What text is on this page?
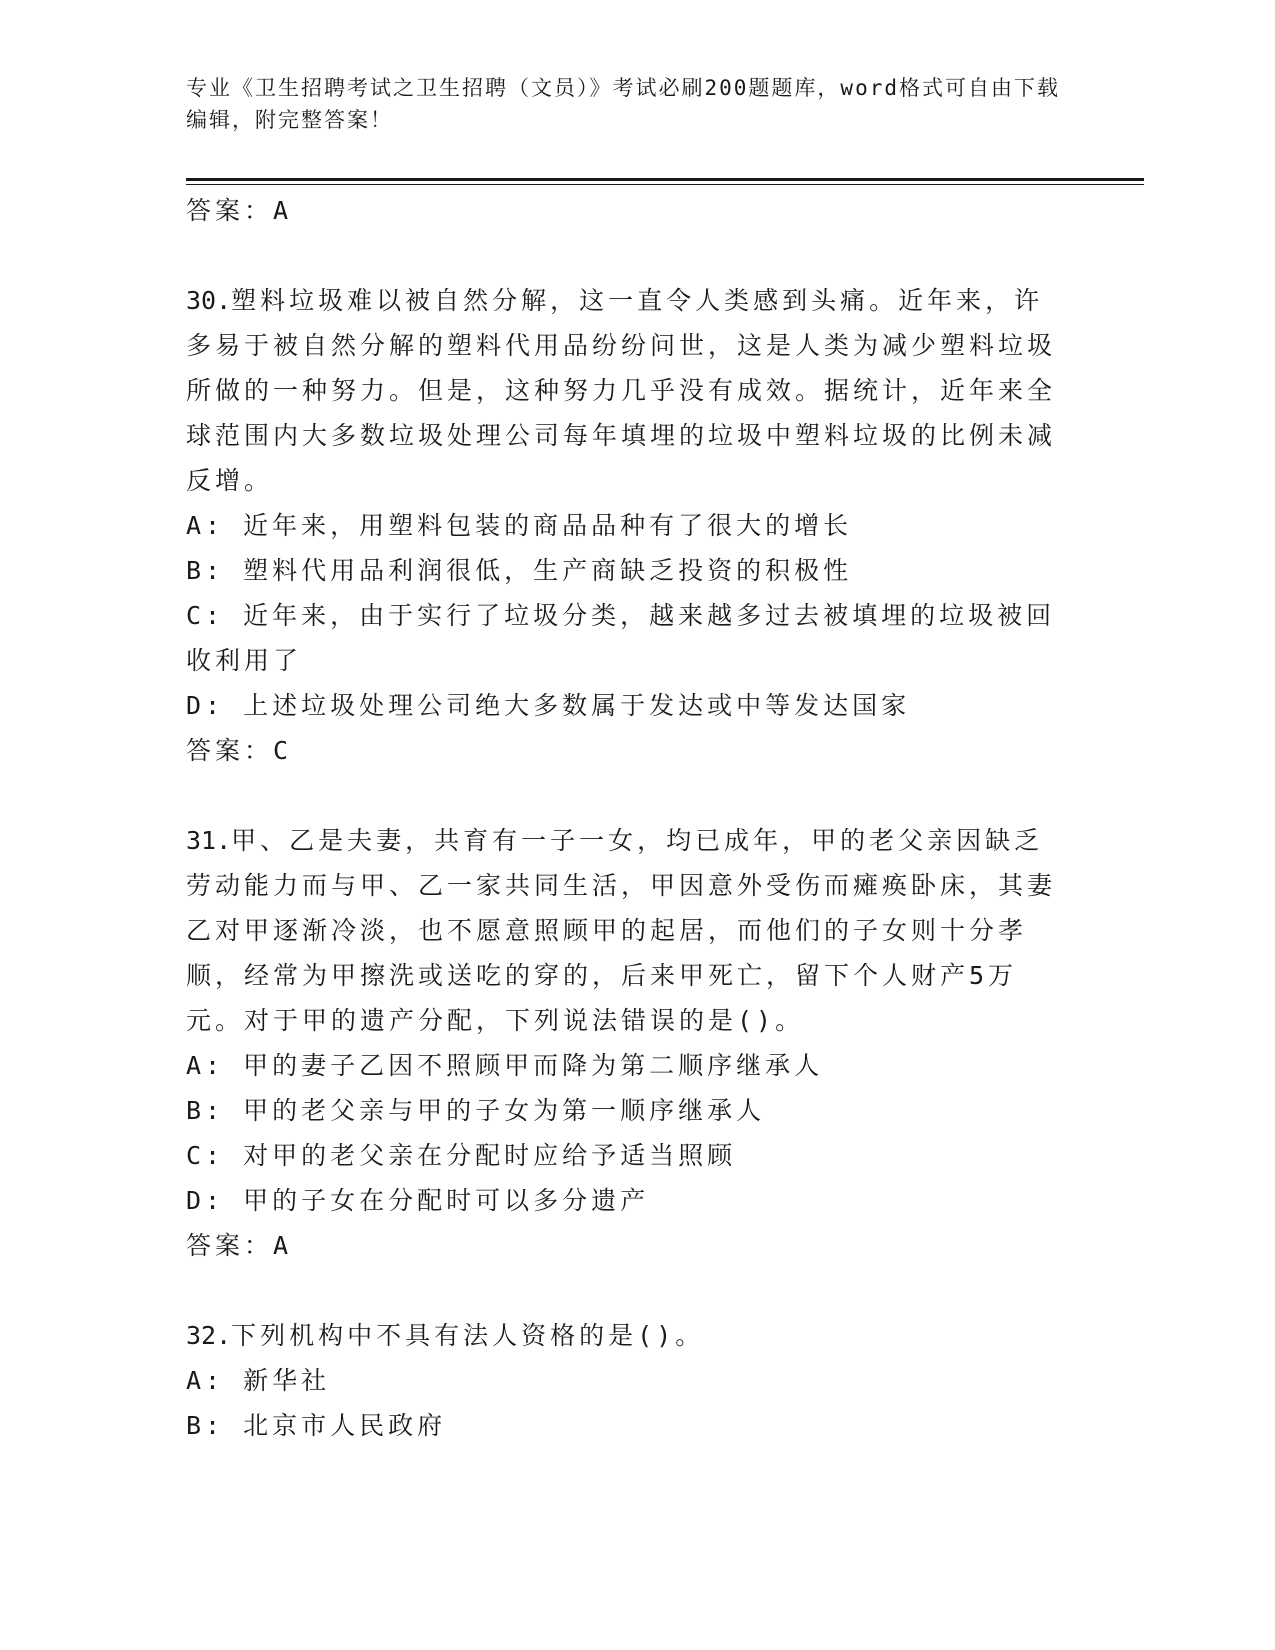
专业《卫生招聘考试之卫生招聘（文员）》考试必刷200题题库，word格式可自由下载编辑，附完整答案！

答案：A

30.塑料垃圾难以被自然分解，这一直令人类感到头痛。近年来，许多易于被自然分解的塑料代用品纷纷问世，这是人类为减少塑料垃圾所做的一种努力。但是，这种努力几乎没有成效。据统计，近年来全球范围内大多数垃圾处理公司每年填埋的垃圾中塑料垃圾的比例未减反增。

A: 近年来，用塑料包装的商品品种有了很大的增长

B: 塑料代用品利润很低，生产商缺乏投资的积极性

C: 近年来，由于实行了垃圾分类，越来越多过去被填埋的垃圾被回收利用了

D: 上述垃圾处理公司绝大多数属于发达或中等发达国家

答案：C

31.甲、乙是夫妻，共育有一子一女，均已成年，甲的老父亲因缺乏劳动能力而与甲、乙一家共同生活，甲因意外受伤而瘫痪卧床，其妻乙对甲逐渐冷淡，也不愿意照顾甲的起居，而他们的子女则十分孝顺，经常为甲擦洗或送吃的穿的，后来甲死亡，留下个人财产5万元。对于甲的遗产分配，下列说法错误的是()。

A: 甲的妻子乙因不照顾甲而降为第二顺序继承人

B: 甲的老父亲与甲的子女为第一顺序继承人

C: 对甲的老父亲在分配时应给予适当照顾

D: 甲的子女在分配时可以多分遗产

答案：A

32.下列机构中不具有法人资格的是()。

A: 新华社

B: 北京市人民政府
